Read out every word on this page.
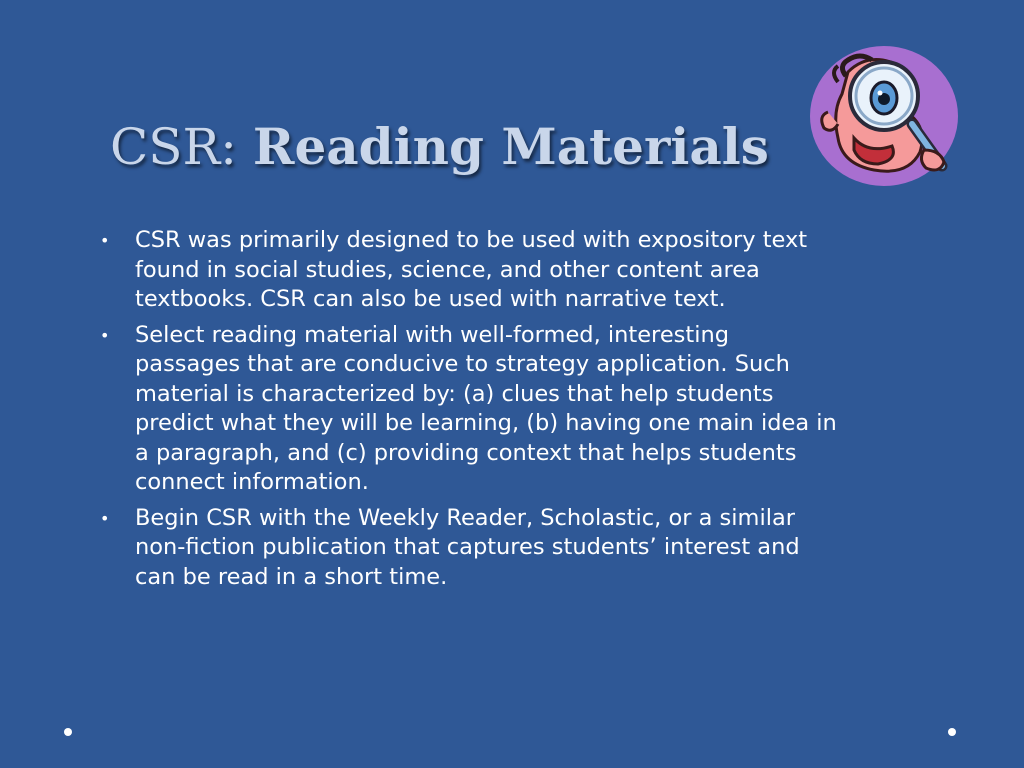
CSR: Reading Materials
•	CSR was primarily designed to be used with expository text found in social studies, science, and other content area textbooks. CSR can also be used with narrative text.
•	Select reading material with well-formed, interesting passages that are conducive to strategy application. Such material is characterized by: (a) clues that help students predict what they will be learning, (b) having one main idea in a paragraph, and (c) providing context that helps students connect information.
•	Begin CSR with the Weekly Reader, Scholastic, or a similar non-fiction publication that captures students’ interest and can be read in a short time.
